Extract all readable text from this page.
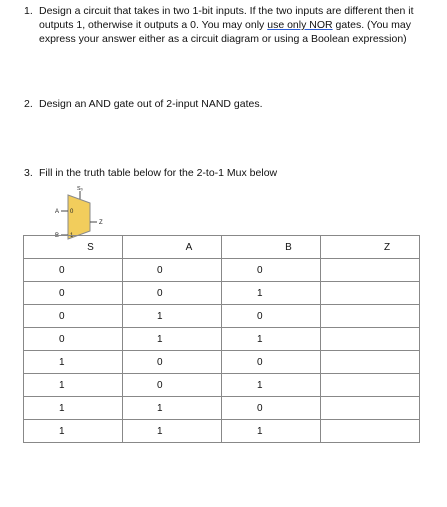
1. Design a circuit that takes in two 1-bit inputs. If the two inputs are different then it outputs 1, otherwise it outputs a 0. You may only use only NOR gates. (You may express your answer either as a circuit diagram or using a Boolean expression)
2. Design an AND gate out of 2-input NAND gates.
3. Fill in the truth table below for the 2-to-1 Mux below
S₀
A 0
B 1
Z
S	A	B	Z
0	0	0	
0	0	1	
0	1	0	
0	1	1	
1	0	0	
1	0	1	
1	1	0	
1	1	1	
